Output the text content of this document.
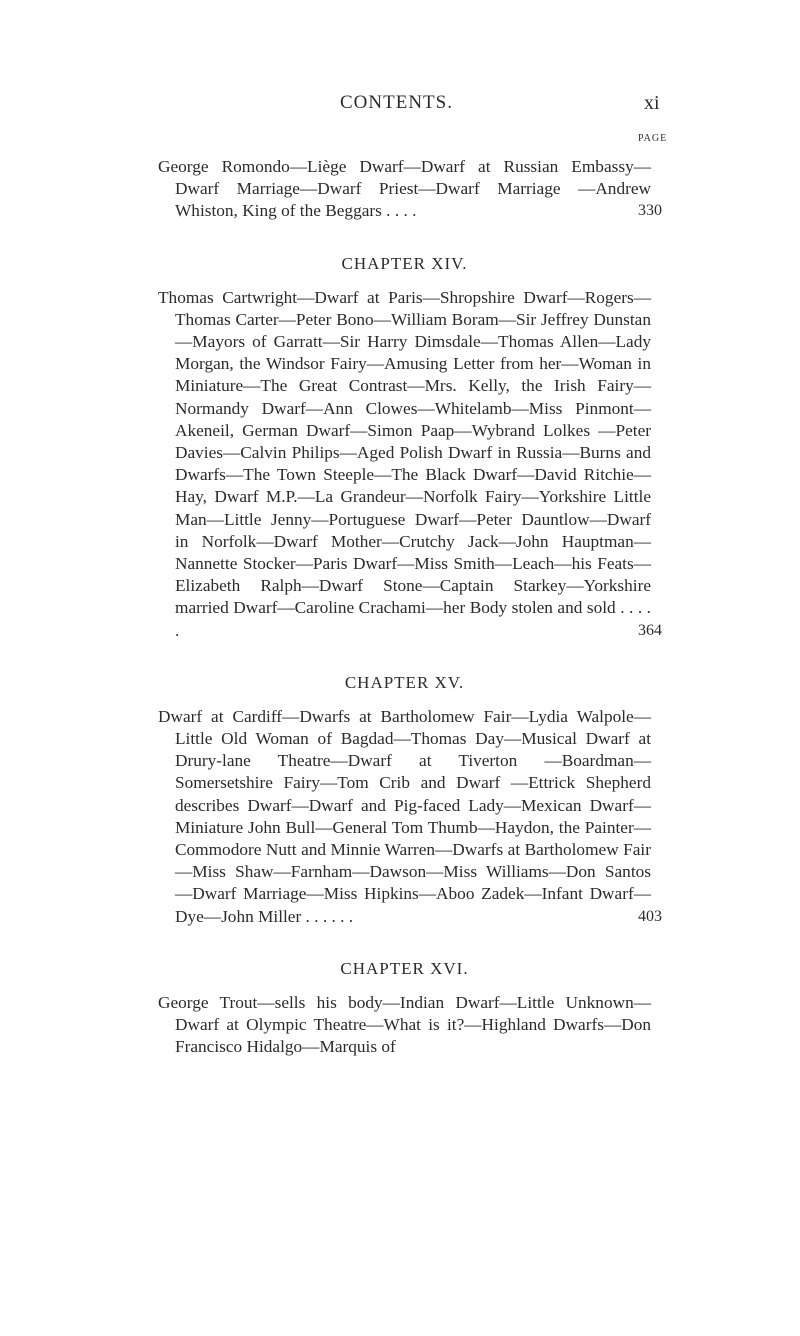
CONTENTS.	xi
PAGE
George Romondo—Liège Dwarf—Dwarf at Russian Embassy—Dwarf Marriage—Dwarf Priest—Dwarf Marriage —Andrew Whiston, King of the Beggars . . . .	330
CHAPTER XIV.
Thomas Cartwright—Dwarf at Paris—Shropshire Dwarf—Rogers—Thomas Carter—Peter Bono—William Boram—Sir Jeffrey Dunstan—Mayors of Garratt—Sir Harry Dimsdale—Thomas Allen—Lady Morgan, the Windsor Fairy—Amusing Letter from her—Woman in Miniature—The Great Contrast—Mrs. Kelly, the Irish Fairy—Normandy Dwarf—Ann Clowes—Whitelamb—Miss Pinmont—Akeneil, German Dwarf—Simon Paap—Wybrand Lolkes —Peter Davies—Calvin Philips—Aged Polish Dwarf in Russia—Burns and Dwarfs—The Town Steeple—The Black Dwarf—David Ritchie—Hay, Dwarf M.P.—La Grandeur—Norfolk Fairy—Yorkshire Little Man—Little Jenny—Portuguese Dwarf—Peter Dauntlow—Dwarf in Norfolk—Dwarf Mother—Crutchy Jack—John Hauptman—Nannette Stocker—Paris Dwarf—Miss Smith—Leach—his Feats—Elizabeth Ralph—Dwarf Stone—Captain Starkey—Yorkshire married Dwarf—Caroline Crachami—her Body stolen and sold . . . . .	364
CHAPTER XV.
Dwarf at Cardiff—Dwarfs at Bartholomew Fair—Lydia Walpole—Little Old Woman of Bagdad—Thomas Day—Musical Dwarf at Drury-lane Theatre—Dwarf at Tiverton —Boardman—Somersetshire Fairy—Tom Crib and Dwarf —Ettrick Shepherd describes Dwarf—Dwarf and Pig-faced Lady—Mexican Dwarf—Miniature John Bull—General Tom Thumb—Haydon, the Painter—Commodore Nutt and Minnie Warren—Dwarfs at Bartholomew Fair—Miss Shaw—Farnham—Dawson—Miss Williams—Don Santos —Dwarf Marriage—Miss Hipkins—Aboo Zadek—Infant Dwarf—Dye—John Miller . . . . . .	403
CHAPTER XVI.
George Trout—sells his body—Indian Dwarf—Little Unknown—Dwarf at Olympic Theatre—What is it?—Highland Dwarfs—Don Francisco Hidalgo—Marquis of
